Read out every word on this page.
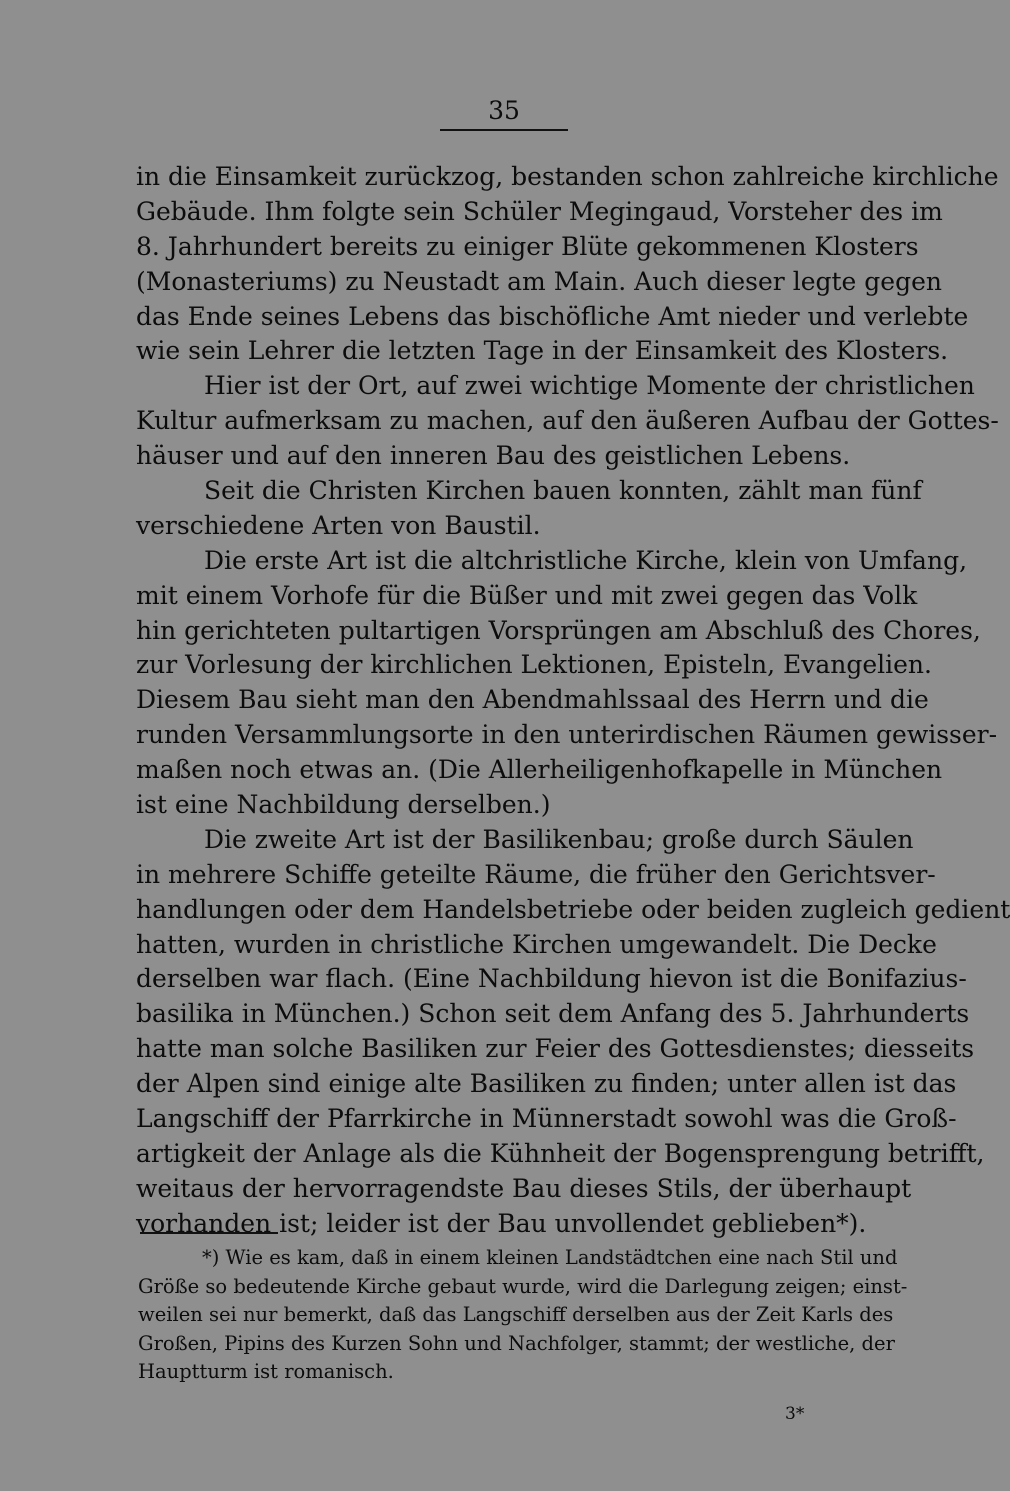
35
in die Einsamkeit zurückzog, bestanden schon zahlreiche kirchliche
Gebäude. Ihm folgte sein Schüler Megingaud, Vorsteher des im
8. Jahrhundert bereits zu einiger Blüte gekommenen Klosters
(Monasteriums) zu Neustadt am Main. Auch dieser legte gegen
das Ende seines Lebens das bischöfliche Amt nieder und verlebte
wie sein Lehrer die letzten Tage in der Einsamkeit des Klosters.
Hier ist der Ort, auf zwei wichtige Momente der christlichen
Kultur aufmerksam zu machen, auf den äußeren Aufbau der Gottes-
häuser und auf den inneren Bau des geistlichen Lebens.
Seit die Christen Kirchen bauen konnten, zählt man fünf
verschiedene Arten von Baustil.
Die erste Art ist die altchristliche Kirche, klein von Umfang,
mit einem Vorhofe für die Büßer und mit zwei gegen das Volk
hin gerichteten pultartigen Vorsprüngen am Abschluß des Chores,
zur Vorlesung der kirchlichen Lektionen, Episteln, Evangelien.
Diesem Bau sieht man den Abendmahlssaal des Herrn und die
runden Versammlungsorte in den unterirdischen Räumen gewisser-
maßen noch etwas an. (Die Allerheiligenhofkapelle in München
ist eine Nachbildung derselben.)
Die zweite Art ist der Basilikenbau; große durch Säulen
in mehrere Schiffe geteilte Räume, die früher den Gerichtsver-
handlungen oder dem Handelsbetriebe oder beiden zugleich gedient
hatten, wurden in christliche Kirchen umgewandelt. Die Decke
derselben war flach. (Eine Nachbildung hievon ist die Bonifazius-
basilika in München.) Schon seit dem Anfang des 5. Jahrhunderts
hatte man solche Basiliken zur Feier des Gottesdienstes; diesseits
der Alpen sind einige alte Basiliken zu finden; unter allen ist das
Langschiff der Pfarrkirche in Münnerstadt sowohl was die Groß-
artigkeit der Anlage als die Kühnheit der Bogensprengung betrifft,
weitaus der hervorragendste Bau dieses Stils, der überhaupt
vorhanden ist; leider ist der Bau unvollendet geblieben*).
*) Wie es kam, daß in einem kleinen Landstädtchen eine nach Stil und
Größe so bedeutende Kirche gebaut wurde, wird die Darlegung zeigen; einst-
weilen sei nur bemerkt, daß das Langschiff derselben aus der Zeit Karls des
Großen, Pipins des Kurzen Sohn und Nachfolger, stammt; der westliche, der
Hauptturm ist romanisch.
3*
